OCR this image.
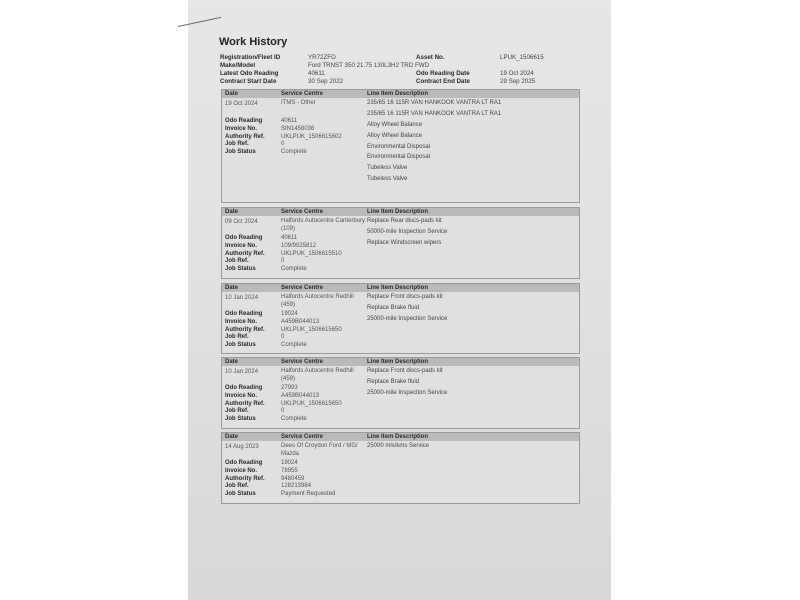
Work History
Registration/Fleet ID	YR72ZFO	Asset No.	LPUK_1506615
Make/Model	Ford TRNST 350 21.75 130L3H2 TRD FWD
Latest Odo Reading	40611	Odo Reading Date	19 Oct 2024
Contract Start Date	30 Sep 2022	Contract End Date	29 Sep 2025
Date	Service Centre	Line Item Description
19 Oct 2024	ITMS - Other
Odo Reading	40611
Invoice No.	SIN1458036
Authority Ref.	UKLPUK_1506615602
Job Ref.	0
Job Status	Complete
235/65 16 115R VAN HANKOOK VANTRA LT RA1
235/65 16 115R VAN HANKOOK VANTRA LT RA1
Alloy Wheel Balance
Alloy Wheel Balance
Environmental Disposal
Environmental Disposal
Tubeless Valve
Tubeless Valve
Date	Service Centre	Line Item Description
09 Oct 2024	Halfords Autocentre Canterbury (109)
Odo Reading	40611
Invoice No.	109/9025812
Authority Ref.	UKLPUK_1506615510
Job Ref.	0
Job Status	Complete
Replace Rear discs-pads kit
50000-mile Inspection Service
Replace Windscreen wipers
Date	Service Centre	Line Item Description
10 Jan 2024	Halfords Autocentre Redhill (459)
Odo Reading	19024
Invoice No.	A459B044013
Authority Ref.	UKLPUK_1506615650
Job Ref.	0
Job Status	Complete
Replace Front discs-pads kit
Replace Brake fluid
25000-mile Inspection Service
Date	Service Centre	Line Item Description
10 Jan 2024	Halfords Autocentre Redhill (459)
Odo Reading	27993
Invoice No.	A459B044013
Authority Ref.	UKLPUK_1506615650
Job Ref.	0
Job Status	Complete
Replace Front discs-pads kit
Replace Brake fluid
25000-mile Inspection Service
Date	Service Centre	Line Item Description
14 Aug 2023	Dees Of Croydon Ford / MG/ Mazda
Odo Reading	19024
Invoice No.	78955
Authority Ref.	9480459
Job Ref.	128213984
Job Status	Payment Requested
25000 mls/kms Service
